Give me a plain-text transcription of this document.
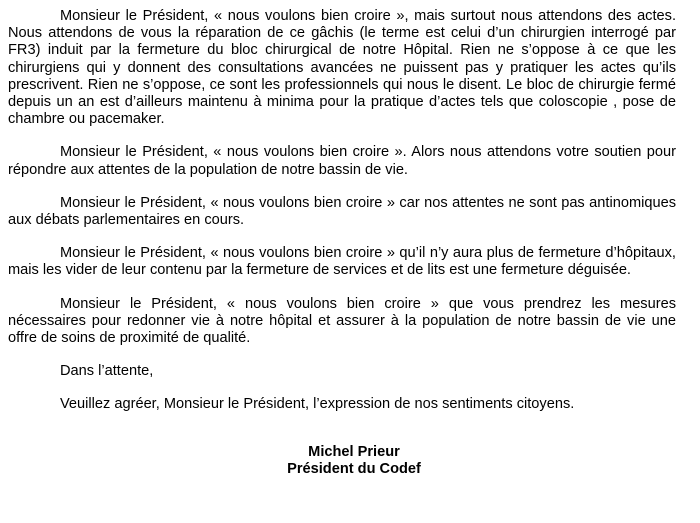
Monsieur le Président, « nous voulons bien croire », mais surtout nous attendons des actes. Nous attendons de vous la réparation de ce gâchis (le terme est celui d’un chirurgien interrogé par FR3) induit par la fermeture du bloc chirurgical de notre Hôpital. Rien ne s’oppose à ce que les chirurgiens qui y donnent des consultations avancées ne puissent pas y pratiquer les actes qu’ils prescrivent. Rien ne s’oppose, ce sont les professionnels qui nous le disent. Le bloc de chirurgie fermé depuis un an est d’ailleurs maintenu à minima pour la pratique d’actes tels que coloscopie , pose de chambre ou pacemaker.

Monsieur le Président, « nous voulons bien croire ». Alors nous attendons votre soutien pour répondre aux attentes de la population de notre bassin de vie.

Monsieur le Président, « nous voulons bien croire » car nos attentes ne sont pas antinomiques aux débats parlementaires en cours.

Monsieur le Président, « nous voulons bien croire » qu’il n’y aura plus de fermeture d’hôpitaux, mais les vider de leur contenu par la fermeture de services et de lits est une fermeture déguisée.

Monsieur le Président, « nous voulons bien croire » que vous prendrez les mesures nécessaires pour redonner vie à notre hôpital et assurer à la population de notre bassin de vie une offre de soins de proximité de qualité.

Dans l’attente,

Veuillez agréer, Monsieur le Président, l’expression de nos sentiments citoyens.

Michel Prieur
Président du Codef
